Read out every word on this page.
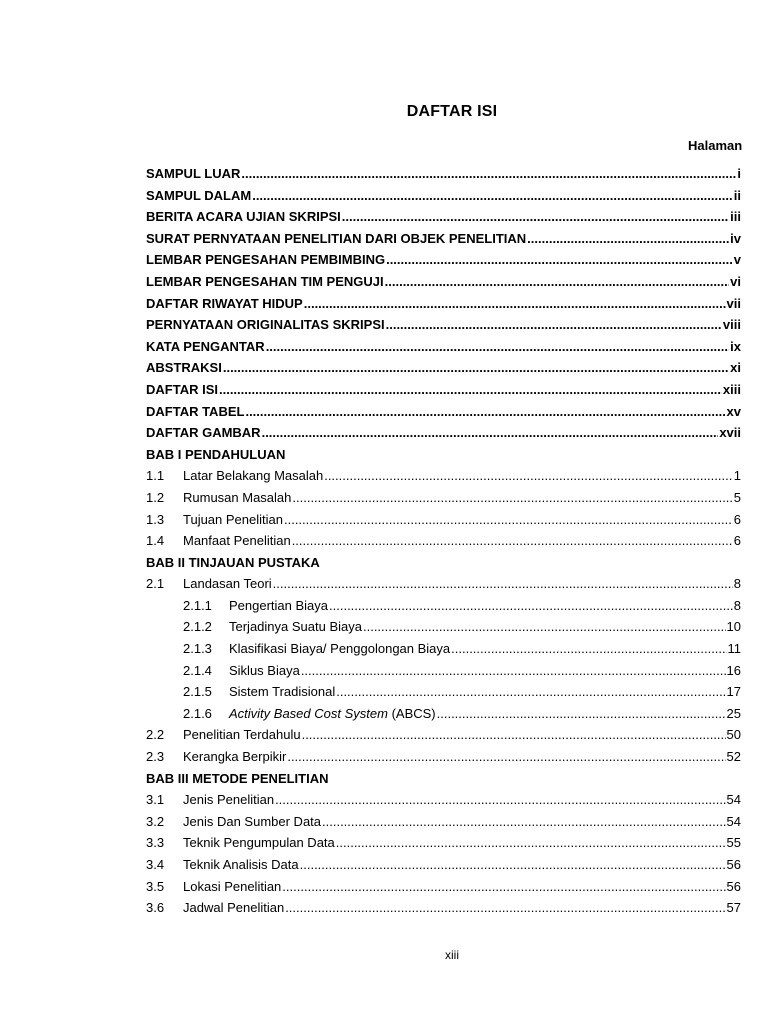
DAFTAR ISI
Halaman
SAMPUL LUAR .....	i
SAMPUL DALAM .....	ii
BERITA ACARA UJIAN SKRIPSI .....	iii
SURAT PERNYATAAN PENELITIAN DARI OBJEK PENELITIAN .....	iv
LEMBAR PENGESAHAN PEMBIMBING .....	v
LEMBAR PENGESAHAN TIM PENGUJI .....	vi
DAFTAR RIWAYAT HIDUP .....	vii
PERNYATAAN ORIGINALITAS SKRIPSI .....	viii
KATA PENGANTAR .....	ix
ABSTRAKSI .....	xi
DAFTAR ISI .....	xiii
DAFTAR TABEL .....	xv
DAFTAR GAMBAR .....	xvii
BAB I PENDAHULUAN
1.1	Latar Belakang Masalah .....	1
1.2	Rumusan Masalah .....	5
1.3	Tujuan Penelitian .....	6
1.4	Manfaat Penelitian .....	6
BAB II TINJAUAN PUSTAKA
2.1	Landasan Teori .....	8
2.1.1	Pengertian Biaya .....	8
2.1.2	Terjadinya Suatu Biaya .....	10
2.1.3	Klasifikasi Biaya/ Penggolongan Biaya .....	11
2.1.4	Siklus Biaya .....	16
2.1.5	Sistem Tradisional .....	17
2.1.6	Activity Based Cost System (ABCS) .....	25
2.2	Penelitian Terdahulu .....	50
2.3	Kerangka Berpikir .....	52
BAB III METODE PENELITIAN
3.1	Jenis Penelitian .....	54
3.2	Jenis Dan Sumber Data .....	54
3.3	Teknik Pengumpulan Data .....	55
3.4	Teknik Analisis Data .....	56
3.5	Lokasi Penelitian .....	56
3.6	Jadwal Penelitian .....	57
xiii
